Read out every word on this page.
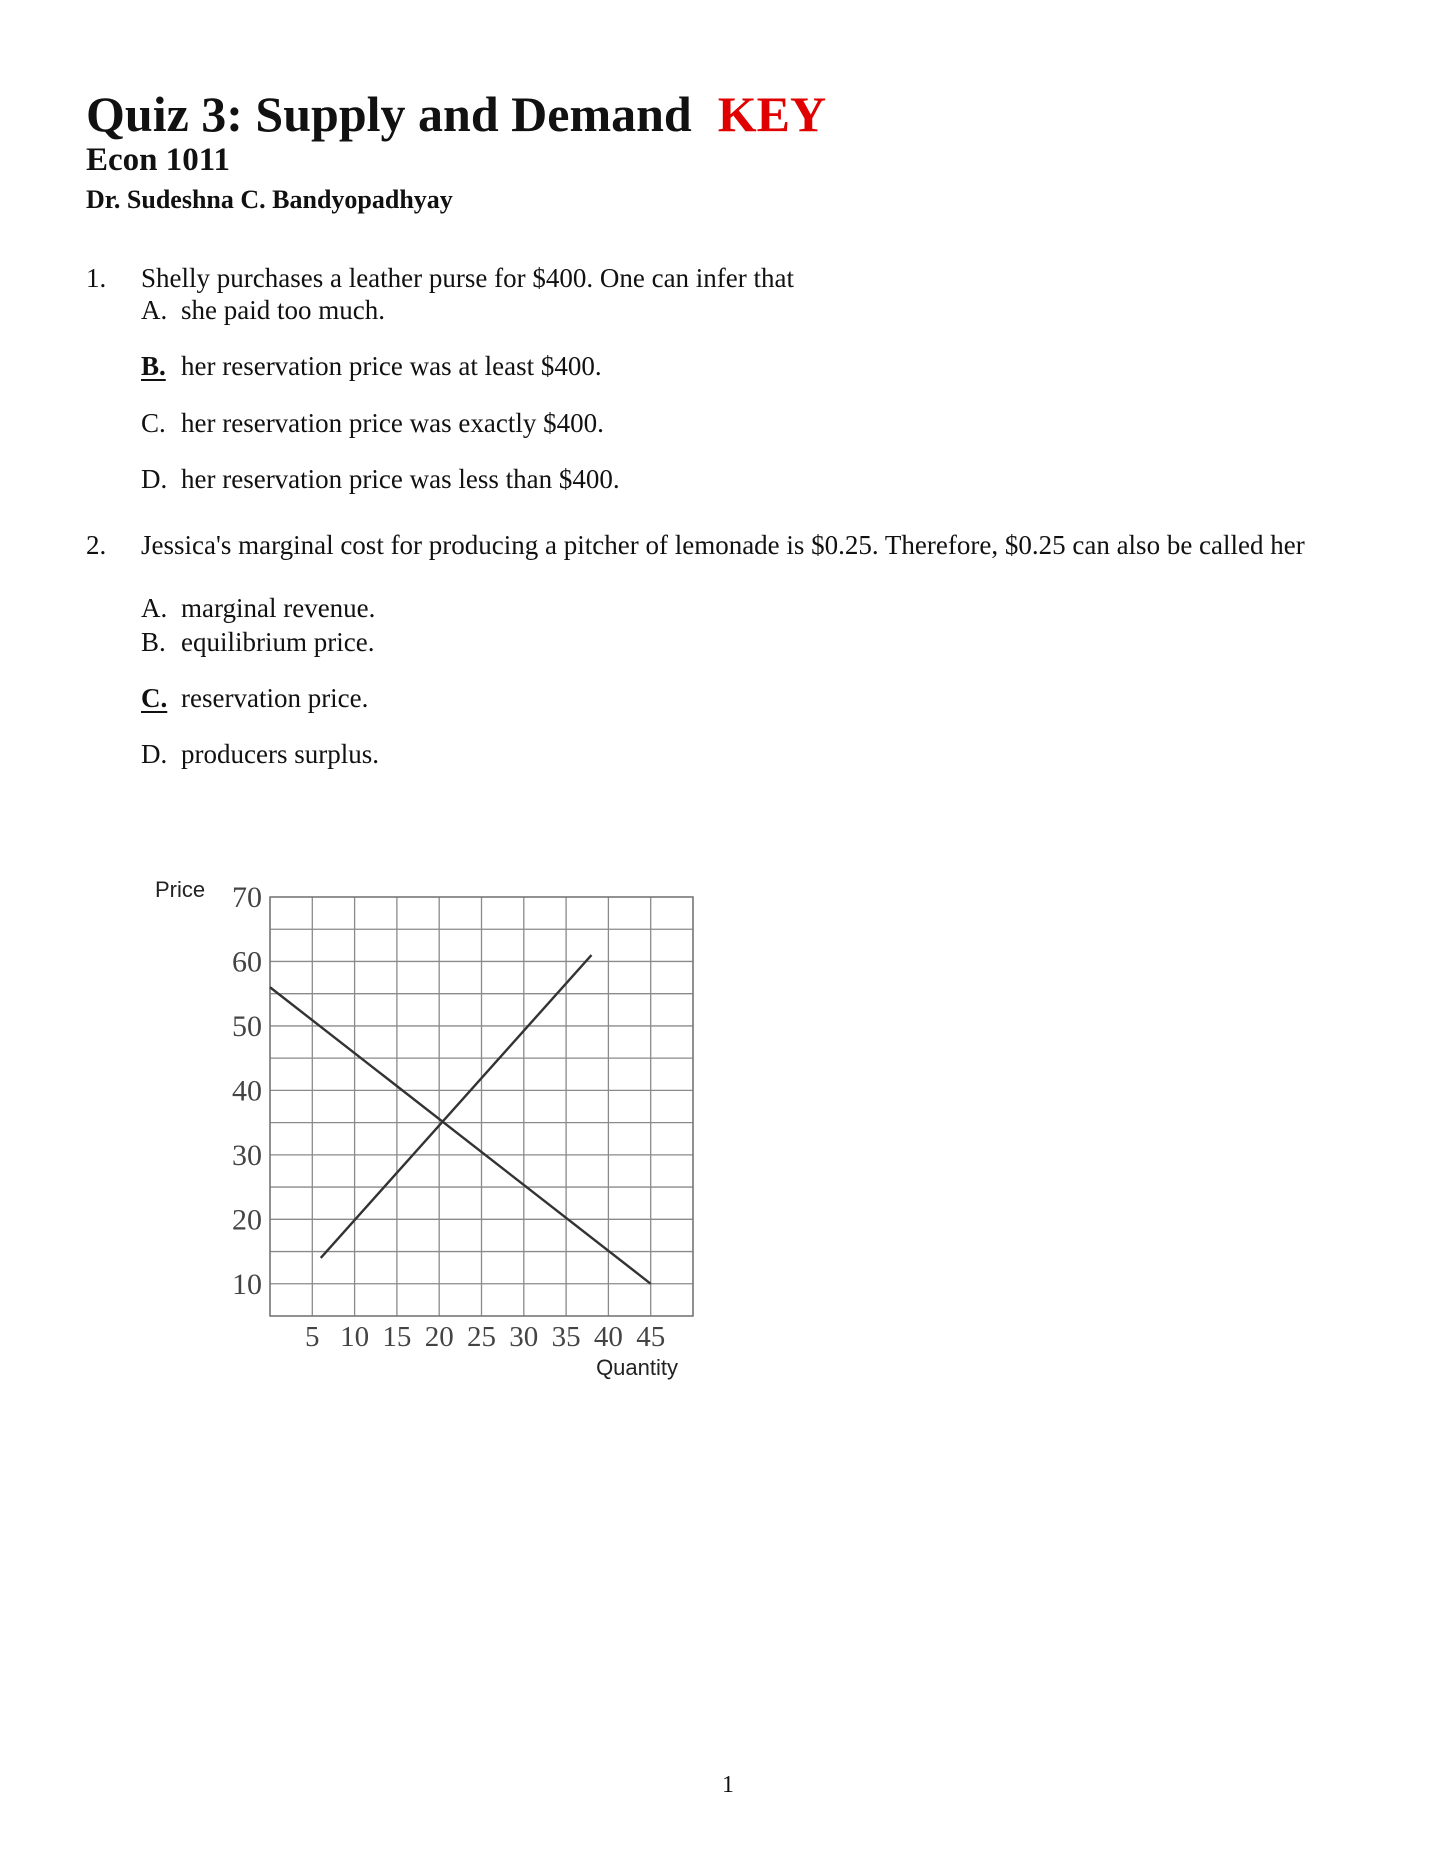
Quiz 3: Supply and Demand KEY
Econ 1011
Dr. Sudeshna C. Bandyopadhyay
1. Shelly purchases a leather purse for $400. One can infer that
A. she paid too much.
B. her reservation price was at least $400.
C. her reservation price was exactly $400.
D. her reservation price was less than $400.
2. Jessica's marginal cost for producing a pitcher of lemonade is $0.25. Therefore, $0.25 can also be called her
A. marginal revenue.
B. equilibrium price.
C. reservation price.
D. producers surplus.
70
60
50
40
30
20
10
5 10 15 20 25 30 35 40 45
Price
Quantity
1
